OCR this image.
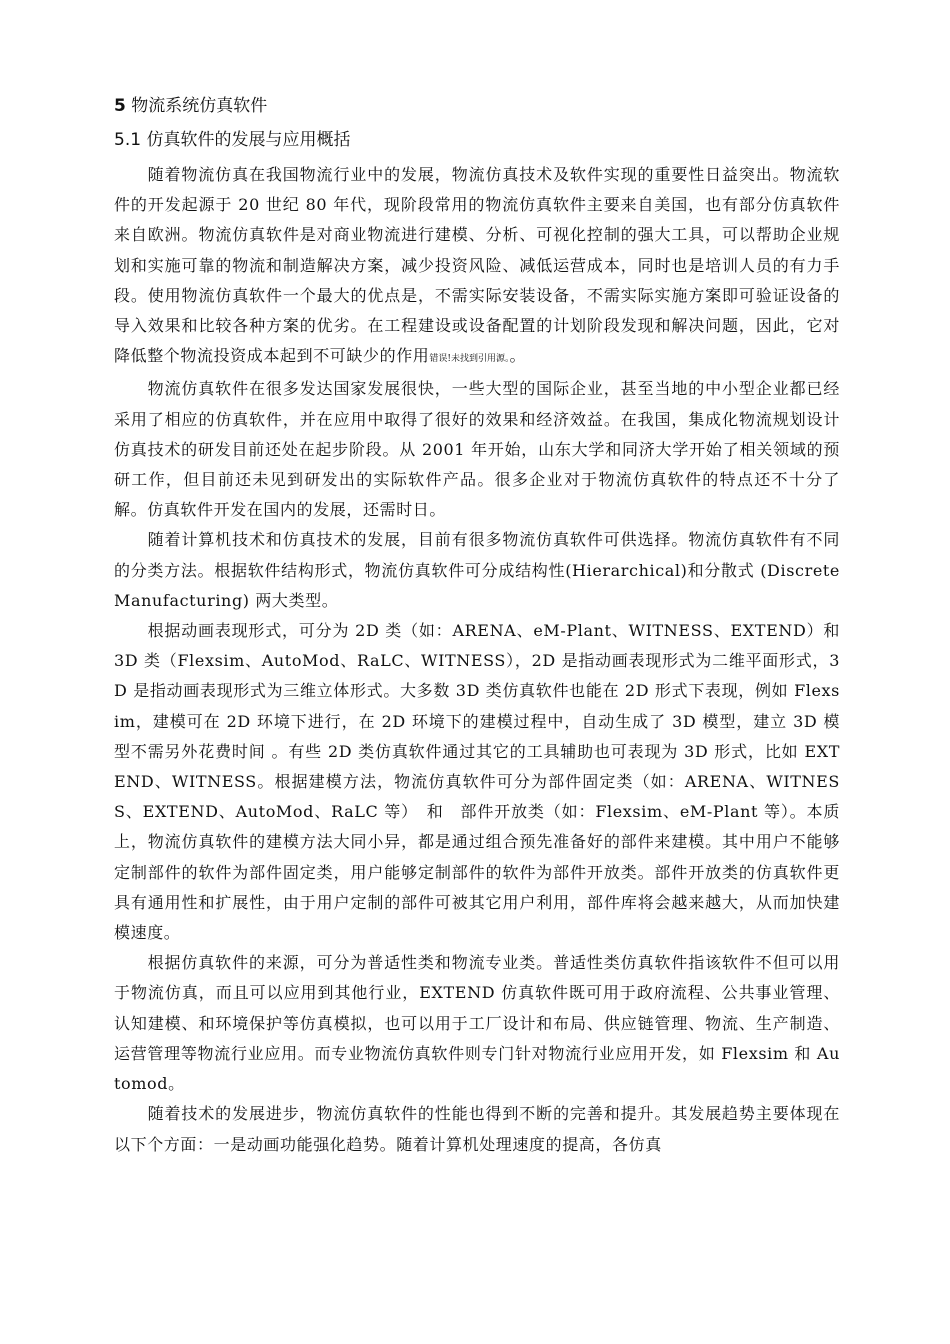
5 物流系统仿真软件
5.1 仿真软件的发展与应用概括

随着物流仿真在我国物流行业中的发展，物流仿真技术及软件实现的重要性日益突出。物流软件的开发起源于 20 世纪 80 年代，现阶段常用的物流仿真软件主要来自美国，也有部分仿真软件来自欧洲。物流仿真软件是对商业物流进行建模、分析、可视化控制的强大工具，可以帮助企业规划和实施可靠的物流和制造解决方案，减少投资风险、减低运营成本，同时也是培训人员的有力手段。使用物流仿真软件一个最大的优点是，不需实际安装设备，不需实际实施方案即可验证设备的导入效果和比较各种方案的优劣。在工程建设或设备配置的计划阶段发现和解决问题，因此，它对降低整个物流投资成本起到不可缺少的作用错误!未找到引用源。。

物流仿真软件在很多发达国家发展很快，一些大型的国际企业，甚至当地的中小型企业都已经采用了相应的仿真软件，并在应用中取得了很好的效果和经济效益。在我国，集成化物流规划设计仿真技术的研发目前还处在起步阶段。从 2001 年开始，山东大学和同济大学开始了相关领域的预研工作，但目前还未见到研发出的实际软件产品。很多企业对于物流仿真软件的特点还不十分了解。仿真软件开发在国内的发展，还需时日。

随着计算机技术和仿真技术的发展，目前有很多物流仿真软件可供选择。物流仿真软件有不同的分类方法。根据软件结构形式，物流仿真软件可分成结构性(Hierarchical)和分散式 (Discrete Manufacturing) 两大类型。

根据动画表现形式，可分为 2D 类（如：ARENA、eM-Plant、WITNESS、EXTEND）和 3D 类（Flexsim、AutoMod、RaLC、WITNESS），2D 是指动画表现形式为二维平面形式，3D 是指动画表现形式为三维立体形式。大多数 3D 类仿真软件也能在 2D 形式下表现，例如 Flexsim，建模可在 2D 环境下进行，在 2D 环境下的建模过程中，自动生成了 3D 模型，建立 3D 模型不需另外花费时间 。有些 2D 类仿真软件通过其它的工具辅助也可表现为 3D 形式，比如 EXTEND、WITNESS。根据建模方法，物流仿真软件可分为部件固定类（如：ARENA、WITNESS、EXTEND、AutoMod、RaLC 等）　和　部件开放类（如：Flexsim、eM-Plant 等）。本质上，物流仿真软件的建模方法大同小异，都是通过组合预先准备好的部件来建模。其中用户不能够定制部件的软件为部件固定类，用户能够定制部件的软件为部件开放类。部件开放类的仿真软件更具有通用性和扩展性，由于用户定制的部件可被其它用户利用，部件库将会越来越大，从而加快建模速度。

根据仿真软件的来源，可分为普适性类和物流专业类。普适性类仿真软件指该软件不但可以用于物流仿真，而且可以应用到其他行业，EXTEND 仿真软件既可用于政府流程、公共事业管理、认知建模、和环境保护等仿真模拟，也可以用于工厂设计和布局、供应链管理、物流、生产制造、运营管理等物流行业应用。而专业物流仿真软件则专门针对物流行业应用开发，如 Flexsim 和 Automod。

随着技术的发展进步，物流仿真软件的性能也得到不断的完善和提升。其发展趋势主要体现在以下个方面：一是动画功能强化趋势。随着计算机处理速度的提高，各仿真
